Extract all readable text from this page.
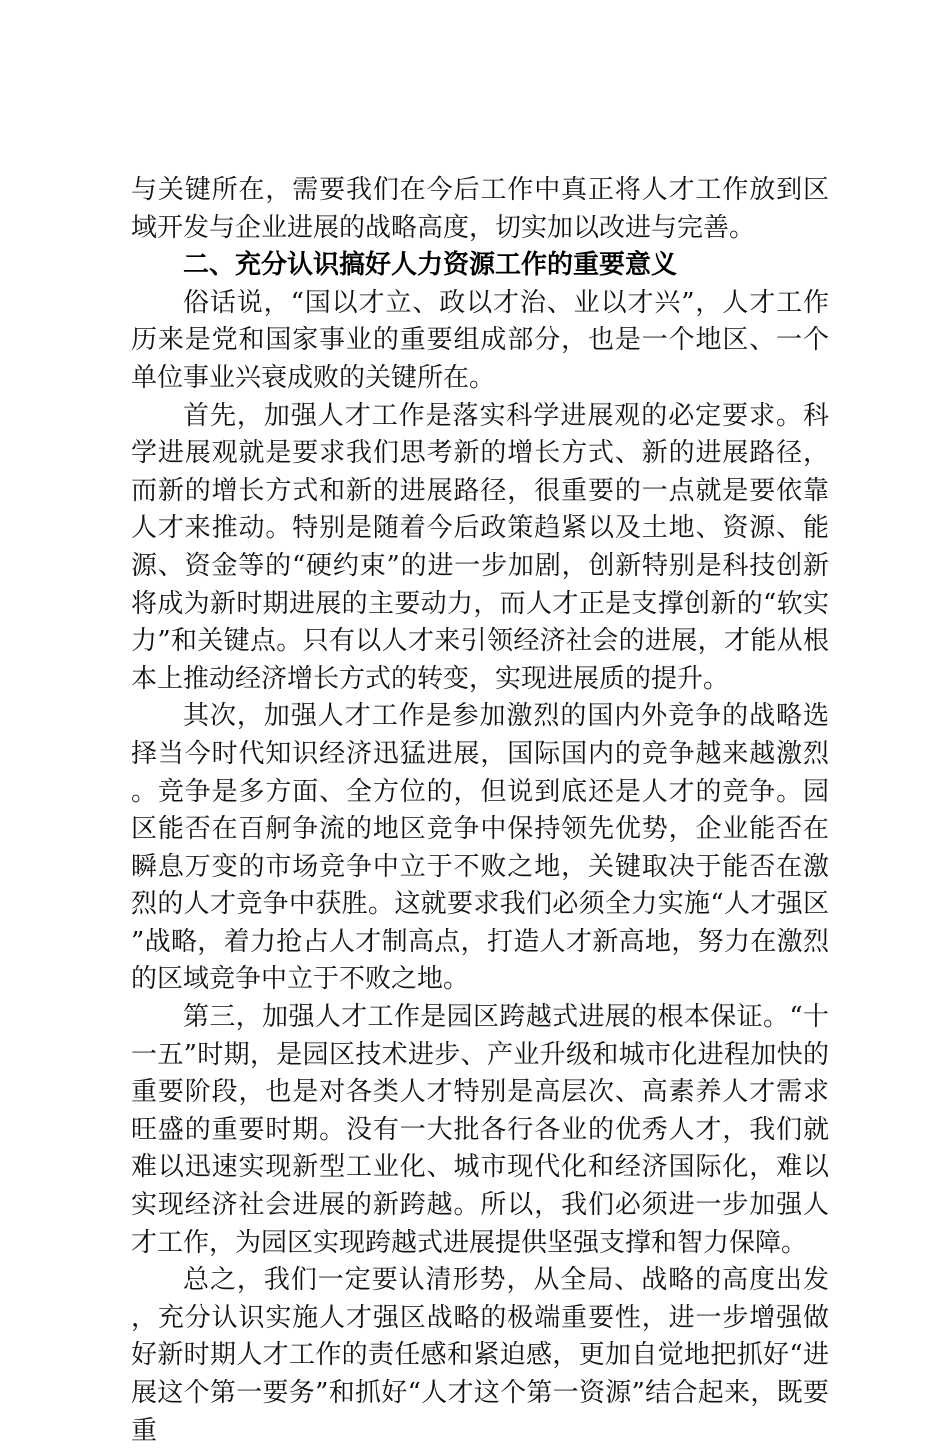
与关键所在，需要我们在今后工作中真正将人才工作放到区域开发与企业进展的战略高度，切实加以改进与完善。

二、充分认识搞好人力资源工作的重要意义

俗话说，“国以才立、政以才治、业以才兴”，人才工作历来是党和国家事业的重要组成部分，也是一个地区、一个单位事业兴衰成败的关键所在。

首先，加强人才工作是落实科学进展观的必定要求。科学进展观就是要求我们思考新的增长方式、新的进展路径，而新的增长方式和新的进展路径，很重要的一点就是要依靠人才来推动。特别是随着今后政策趋紧以及土地、资源、能源、资金等的“硬约束”的进一步加剧，创新特别是科技创新将成为新时期进展的主要动力，而人才正是支撑创新的“软实力”和关键点。只有以人才来引领经济社会的进展，才能从根本上推动经济增长方式的转变，实现进展质的提升。

其次，加强人才工作是参加激烈的国内外竞争的战略选择当今时代知识经济迅猛进展，国际国内的竞争越来越激烈。竞争是多方面、全方位的，但说到底还是人才的竞争。园区能否在百舸争流的地区竞争中保持领先优势，企业能否在瞬息万变的市场竞争中立于不败之地，关键取决于能否在激烈的人才竞争中获胜。这就要求我们必须全力实施“人才强区”战略，着力抢占人才制高点，打造人才新高地，努力在激烈的区域竞争中立于不败之地。

第三，加强人才工作是园区跨越式进展的根本保证。“十一五”时期，是园区技术进步、产业升级和城市化进程加快的重要阶段，也是对各类人才特别是高层次、高素养人才需求旺盛的重要时期。没有一大批各行各业的优秀人才，我们就难以迅速实现新型工业化、城市现代化和经济国际化，难以实现经济社会进展的新跨越。所以，我们必须进一步加强人才工作，为园区实现跨越式进展提供坚强支撑和智力保障。

总之，我们一定要认清形势，从全局、战略的高度出发，充分认识实施人才强区战略的极端重要性，进一步增强做好新时期人才工作的责任感和紧迫感，更加自觉地把抓好“进展这个第一要务”和抓好“人才这个第一资源”结合起来，既要重
